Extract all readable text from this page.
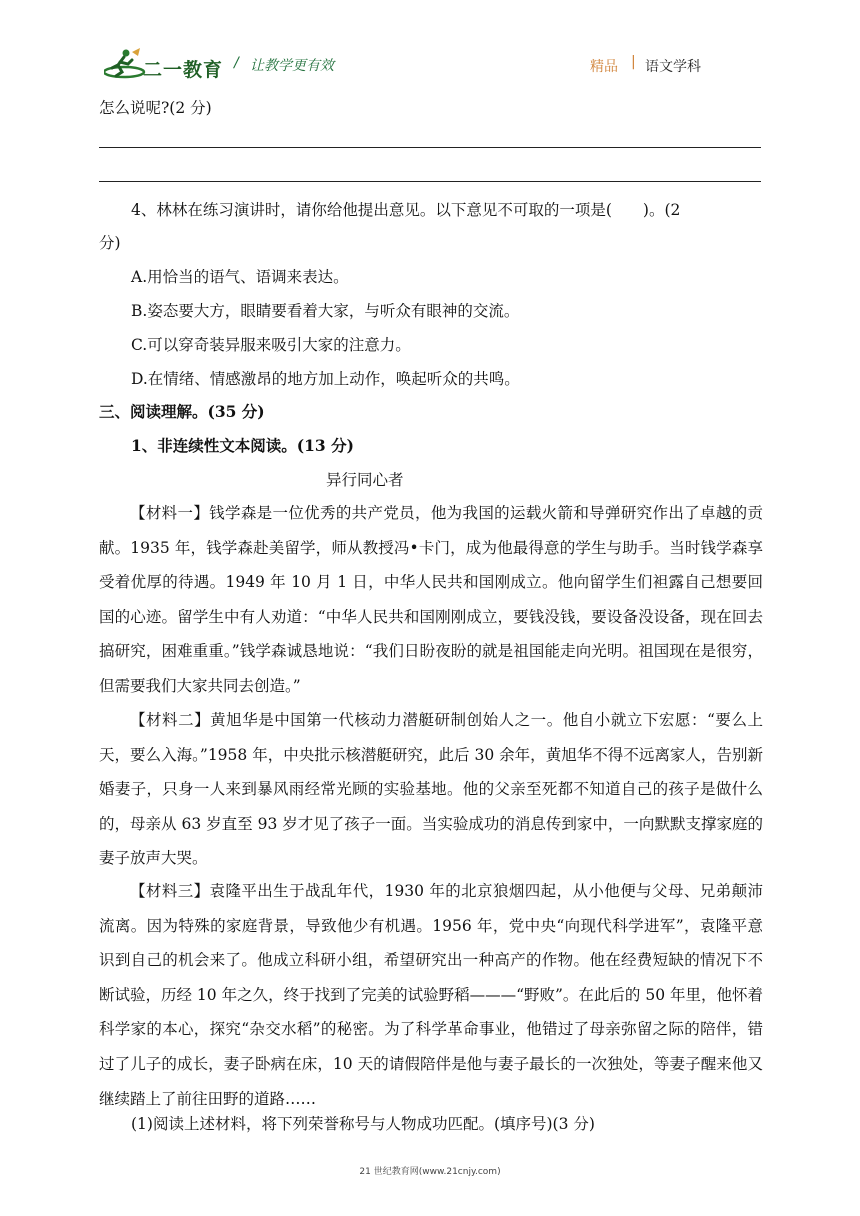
二一教育 / 让教学更有效	精品 | 语文学科
怎么说呢?(2 分)
4、林林在练习演讲时，请你给他提出意见。以下意见不可取的一项是(　　)。(2
分)
A.用恰当的语气、语调来表达。
B.姿态要大方，眼睛要看着大家，与听众有眼神的交流。
C.可以穿奇装异服来吸引大家的注意力。
D.在情绪、情感激昂的地方加上动作，唤起听众的共鸣。
三、阅读理解。(35 分)
1、非连续性文本阅读。(13 分)
异行同心者

【材料一】钱学森是一位优秀的共产党员，他为我国的运载火箭和导弹研究作出了卓越的贡献。1935 年，钱学森赴美留学，师从教授冯•卡门，成为他最得意的学生与助手。当时钱学森享受着优厚的待遇。1949 年 10 月 1 日，中华人民共和国刚成立。他向留学生们袒露自己想要回国的心迹。留学生中有人劝道：“中华人民共和国刚刚成立，要钱没钱，要设备没设备，现在回去搞研究，困难重重。”钱学森诚恳地说：“我们日盼夜盼的就是祖国能走向光明。祖国现在是很穷，但需要我们大家共同去创造。”

【材料二】黄旭华是中国第一代核动力潜艇研制创始人之一。他自小就立下宏愿：“要么上天，要么入海。”1958 年，中央批示核潜艇研究，此后 30 余年，黄旭华不得不远离家人，告别新婚妻子，只身一人来到暴风雨经常光顾的实验基地。他的父亲至死都不知道自己的孩子是做什么的，母亲从 63 岁直至 93 岁才见了孩子一面。当实验成功的消息传到家中，一向默默支撑家庭的妻子放声大哭。

【材料三】袁隆平出生于战乱年代，1930 年的北京狼烟四起，从小他便与父母、兄弟颠沛流离。因为特殊的家庭背景，导致他少有机遇。1956 年，党中央“向现代科学进军”，袁隆平意识到自己的机会来了。他成立科研小组，希望研究出一种高产的作物。他在经费短缺的情况下不断试验，历经 10 年之久，终于找到了完美的试验野稻———“野败”。在此后的 50 年里，他怀着科学家的本心，探究“杂交水稻”的秘密。为了科学革命事业，他错过了母亲弥留之际的陪伴，错过了儿子的成长，妻子卧病在床，10 天的请假陪伴是他与妻子最长的一次独处，等妻子醒来他又继续踏上了前往田野的道路……

(1)阅读上述材料，将下列荣誉称号与人物成功匹配。(填序号)(3 分)
21 世纪教育网(www.21cnjy.com)
